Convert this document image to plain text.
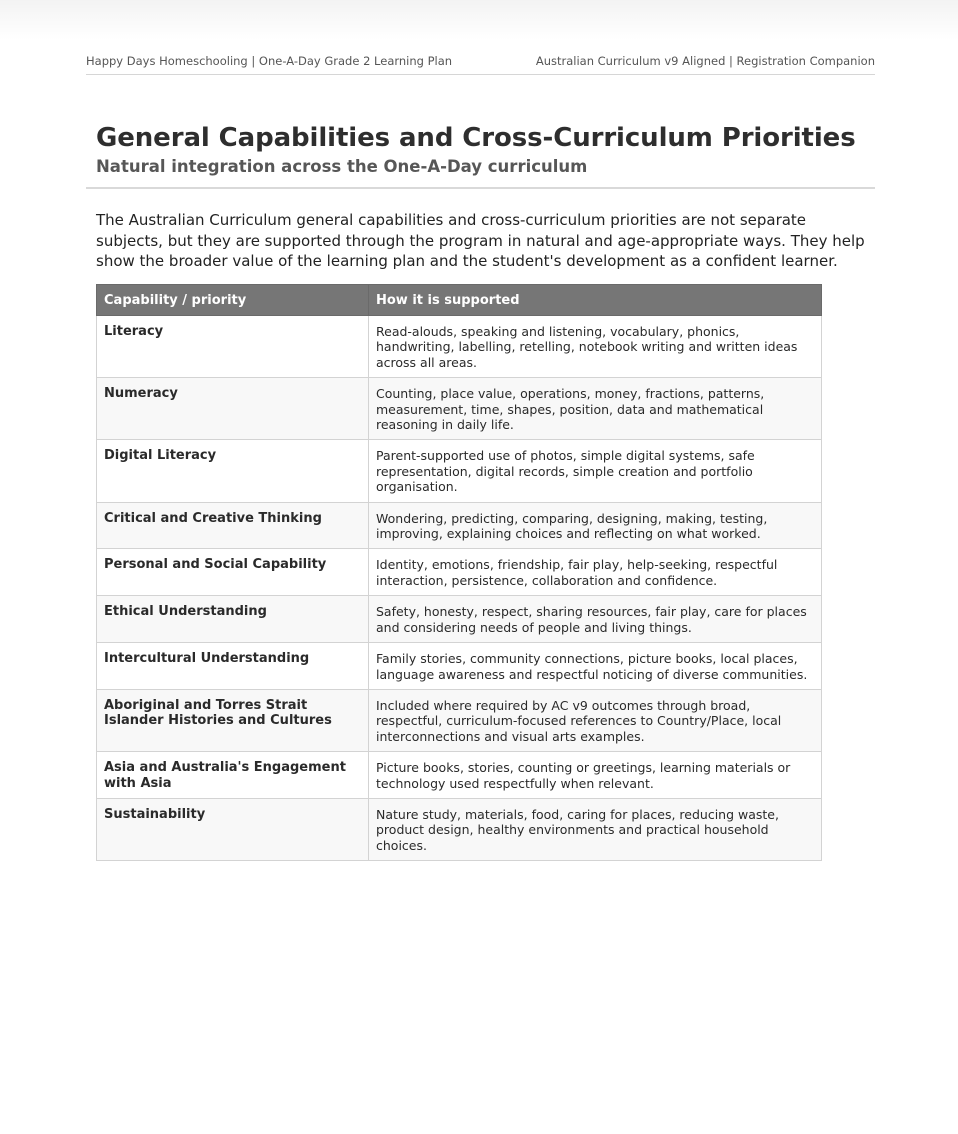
Happy Days Homeschooling | One-A-Day Grade 2 Learning Plan	Australian Curriculum v9 Aligned | Registration Companion
General Capabilities and Cross-Curriculum Priorities
Natural integration across the One-A-Day curriculum

The Australian Curriculum general capabilities and cross-curriculum priorities are not separate subjects, but they are supported through the program in natural and age-appropriate ways. They help show the broader value of the learning plan and the student's development as a confident learner.

Capability / priority	How it is supported
Literacy	Read-alouds, speaking and listening, vocabulary, phonics, handwriting, labelling, retelling, notebook writing and written ideas across all areas.
Numeracy	Counting, place value, operations, money, fractions, patterns, measurement, time, shapes, position, data and mathematical reasoning in daily life.
Digital Literacy	Parent-supported use of photos, simple digital systems, safe representation, digital records, simple creation and portfolio organisation.
Critical and Creative Thinking	Wondering, predicting, comparing, designing, making, testing, improving, explaining choices and reflecting on what worked.
Personal and Social Capability	Identity, emotions, friendship, fair play, help-seeking, respectful interaction, persistence, collaboration and confidence.
Ethical Understanding	Safety, honesty, respect, sharing resources, fair play, care for places and considering needs of people and living things.
Intercultural Understanding	Family stories, community connections, picture books, local places, language awareness and respectful noticing of diverse communities.
Aboriginal and Torres Strait Islander Histories and Cultures	Included where required by AC v9 outcomes through broad, respectful, curriculum-focused references to Country/Place, local interconnections and visual arts examples.
Asia and Australia's Engagement with Asia	Picture books, stories, counting or greetings, learning materials or technology used respectfully when relevant.
Sustainability	Nature study, materials, food, caring for places, reducing waste, product design, healthy environments and practical household choices.
